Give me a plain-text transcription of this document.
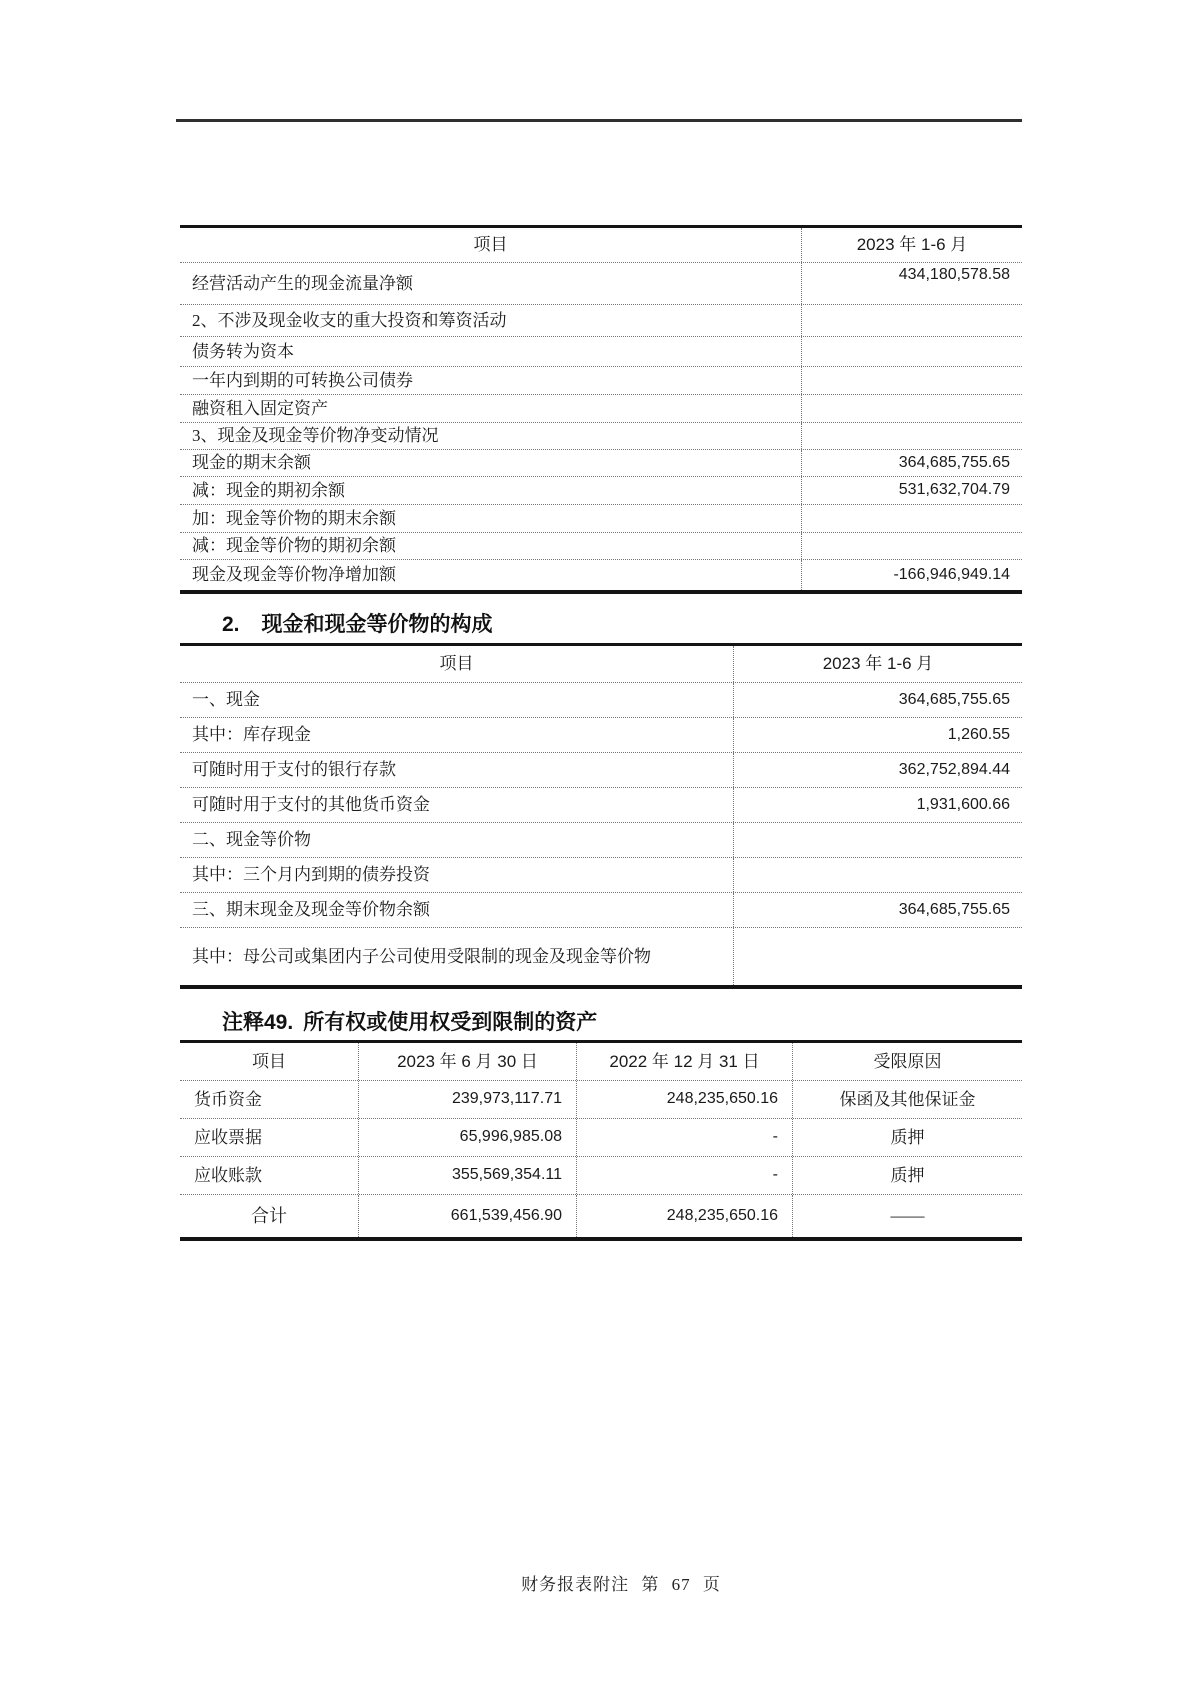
项目	2023 年 1-6 月
经营活动产生的现金流量净额	434,180,578.58
2、不涉及现金收支的重大投资和筹资活动
债务转为资本
一年内到期的可转换公司债券
融资租入固定资产
3、现金及现金等价物净变动情况
现金的期末余额	364,685,755.65
减：现金的期初余额	531,632,704.79
加：现金等价物的期末余额
减：现金等价物的期初余额
现金及现金等价物净增加额	-166,946,949.14
2. 现金和现金等价物的构成
项目	2023 年 1-6 月
一、现金	364,685,755.65
其中：库存现金	1,260.55
可随时用于支付的银行存款	362,752,894.44
可随时用于支付的其他货币资金	1,931,600.66
二、现金等价物
其中：三个月内到期的债券投资
三、期末现金及现金等价物余额	364,685,755.65
其中：母公司或集团内子公司使用受限制的现金及现金等价物
注释49. 所有权或使用权受到限制的资产
项目	2023 年 6 月 30 日	2022 年 12 月 31 日	受限原因
货币资金	239,973,117.71	248,235,650.16	保函及其他保证金
应收票据	65,996,985.08	-	质押
应收账款	355,569,354.11	-	质押
合计	661,539,456.90	248,235,650.16	——
财务报表附注 第 67 页
